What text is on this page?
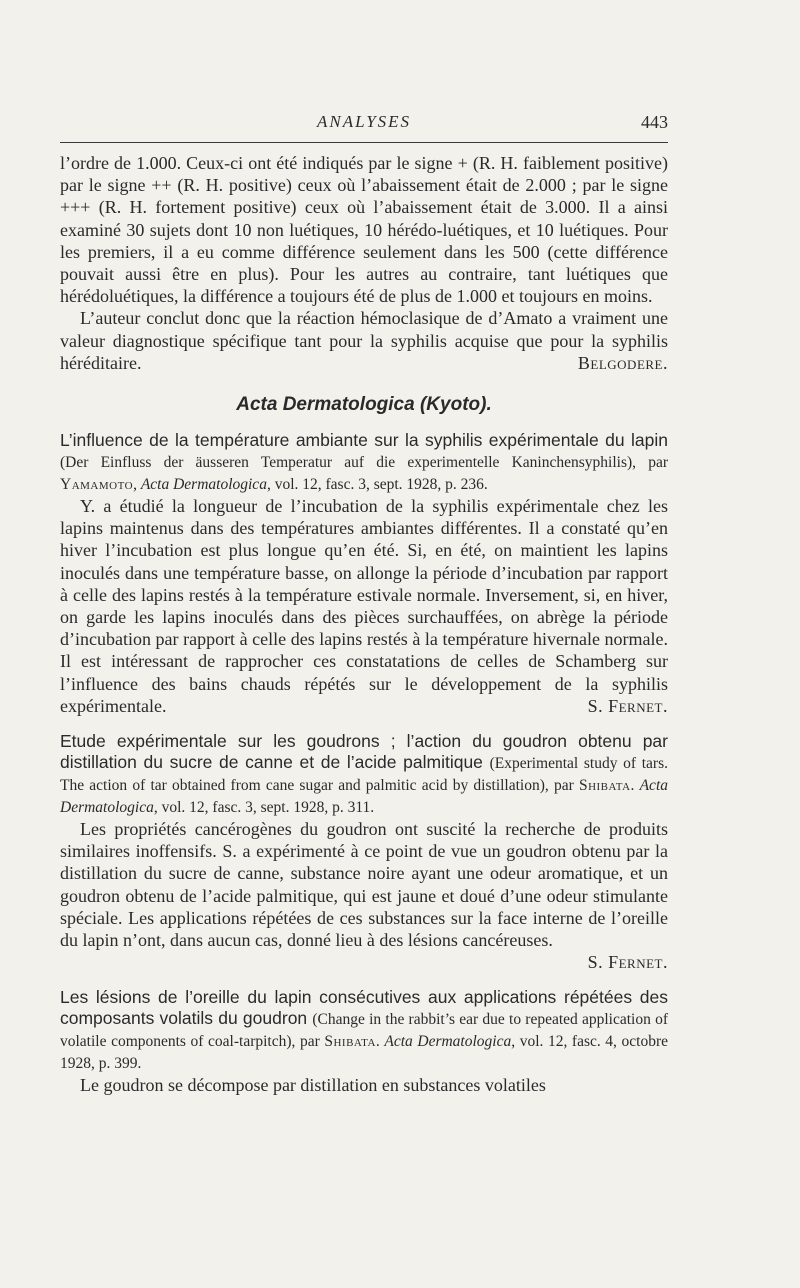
ANALYSES	443

l’ordre de 1.000. Ceux-ci ont été indiqués par le signe + (R. H. faiblement positive) par le signe ++ (R. H. positive) ceux où l’abaissement était de 2.000 ; par le signe +++ (R. H. fortement positive) ceux où l’abaissement était de 3.000. Il a ainsi examiné 30 sujets dont 10 non luétiques, 10 hérédo-luétiques, et 10 luétiques. Pour les premiers, il a eu comme différence seulement dans les 500 (cette différence pouvait aussi être en plus). Pour les autres au contraire, tant luétiques que hérédoluétiques, la différence a toujours été de plus de 1.000 et toujours en moins.

L’auteur conclut donc que la réaction hémoclasique de d’Amato a vraiment une valeur diagnostique spécifique tant pour la syphilis acquise que pour la syphilis héréditaire.	Belgodere.

Acta Dermatologica (Kyoto).

L’influence de la température ambiante sur la syphilis expérimentale du lapin (Der Einfluss der äusseren Temperatur auf die experimentelle Kaninchensyphilis), par Yamamoto, Acta Dermatologica, vol. 12, fasc. 3, sept. 1928, p. 236.

Y. a étudié la longueur de l’incubation de la syphilis expérimentale chez les lapins maintenus dans des températures ambiantes différentes. Il a constaté qu’en hiver l’incubation est plus longue qu’en été. Si, en été, on maintient les lapins inoculés dans une température basse, on allonge la période d’incubation par rapport à celle des lapins restés à la température estivale normale. Inversement, si, en hiver, on garde les lapins inoculés dans des pièces surchauffées, on abrège la période d’incubation par rapport à celle des lapins restés à la température hivernale normale. Il est intéressant de rapprocher ces constatations de celles de Schamberg sur l’influence des bains chauds répétés sur le développement de la syphilis expérimentale.	S. Fernet.

Etude expérimentale sur les goudrons ; l’action du goudron obtenu par distillation du sucre de canne et de l’acide palmitique (Experimental study of tars. The action of tar obtained from cane sugar and palmitic acid by distillation), par Shibata. Acta Dermatologica, vol. 12, fasc. 3, sept. 1928, p. 311.

Les propriétés cancérogènes du goudron ont suscité la recherche de produits similaires inoffensifs. S. a expérimenté à ce point de vue un goudron obtenu par la distillation du sucre de canne, substance noire ayant une odeur aromatique, et un goudron obtenu de l’acide palmitique, qui est jaune et doué d’une odeur stimulante spéciale. Les applications répétées de ces substances sur la face interne de l’oreille du lapin n’ont, dans aucun cas, donné lieu à des lésions cancéreuses.

S. Fernet.

Les lésions de l’oreille du lapin consécutives aux applications répétées des composants volatils du goudron (Change in the rabbit’s ear due to repeated application of volatile components of coal-tarpitch), par Shibata. Acta Dermatologica, vol. 12, fasc. 4, octobre 1928, p. 399.

Le goudron se décompose par distillation en substances volatiles
